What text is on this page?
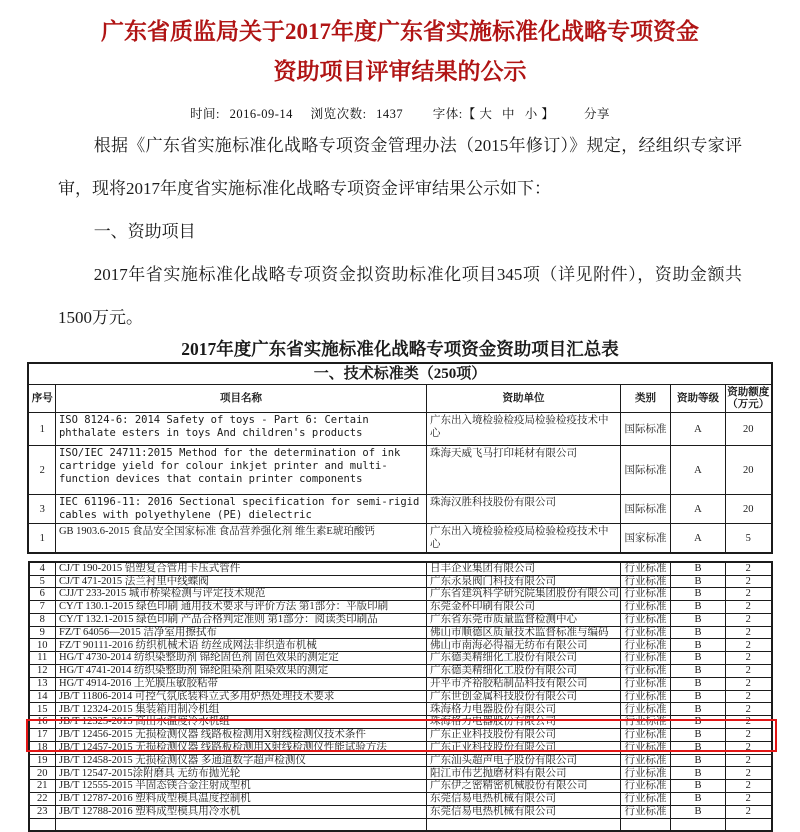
广东省质监局关于2017年度广东省实施标准化战略专项资金
资助项目评审结果的公示
时间: 2016-09-14 浏览次数: 1437 字体:【 大 中 小 】 分享

根据《广东省实施标准化战略专项资金管理办法（2015年修订）》规定，经组织专家评审，现将2017年度省实施标准化战略专项资金评审结果公示如下：

一、资助项目

2017年省实施标准化战略专项资金拟资助标准化项目345项（详见附件），资助金额共1500万元。

2017年度广东省实施标准化战略专项资金资助项目汇总表
一、技术标准类（250项）					
序号	项目名称	资助单位	类别	资助等级	资助额度（万元）
1	ISO 8124-6: 2014 Safety of toys - Part 6: Certain phthalate esters in toys And children's products	广东出入境检验检疫局检验检疫技术中心	国际标准	A	20
2	ISO/IEC 24711:2015 Method for the determination of ink cartridge yield for colour inkjet printer and multi-function devices that contain printer components	珠海天威飞马打印耗材有限公司	国际标准	A	20
3	IEC 61196-11: 2016 Sectional specification for semi-rigid cables with polyethylene (PE) dielectric	珠海汉胜科技股份有限公司	国际标准	A	20
1	GB 1903.6-2015 食品安全国家标准 食品营养强化剂 维生素E琥珀酸钙	广东出入境检验检疫局检验检疫技术中心	国家标准	A	5
4	CJ/T 190-2015 铝塑复合管用卡压式管件	日丰企业集团有限公司	行业标准	B	2
5	CJ/T 471-2015 法兰衬里中线蝶阀	广东永泉阀门科技有限公司	行业标准	B	2
6	CJJ/T 233-2015 城市桥梁检测与评定技术规范	广东省建筑科学研究院集团股份有限公司	行业标准	B	2
7	CY/T 130.1-2015 绿色印刷 通用技术要求与评价方法 第1部分：平版印刷	东莞金杯印刷有限公司	行业标准	B	2
8	CY/T 132.1-2015 绿色印刷 产品合格判定准则 第1部分：阅读类印刷品	广东省东莞市质量监督检测中心	行业标准	B	2
9	FZ/T 64056—2015 洁净室用擦拭布	佛山市顺德区质量技术监督标准与编码	行业标准	B	2
10	FZ/T 90111-2016 纺织机械术语 纺丝成网法非织造布机械	佛山市南海必得福无纺布有限公司	行业标准	B	2
11	HG/T 4730-2014 纺织染整助剂 锦纶固色剂 固色效果的测定定	广东德美精细化工股份有限公司	行业标准	B	2
12	HG/T 4741-2014 纺织染整助剂 锦纶阻染剂 阻染效果的测定	广东德美精细化工股份有限公司	行业标准	B	2
13	HG/T 4914-2016 上光膜压敏胶粘带	开平市齐裕胶粘制品科技有限公司	行业标准	B	2
14	JB/T 11806-2014 可控气氛底装料立式多用炉热处理技术要求	广东世创金属科技股份有限公司	行业标准	B	2
15	JB/T 12324-2015 集装箱用制冷机组	珠海格力电器股份有限公司	行业标准	B	2
16	JB/T 12325-2015 高出水温度冷水机组	珠海格力电器股份有限公司	行业标准	B	2
17	JB/T 12456-2015 无损检测仪器 线路板检测用X射线检测仪技术条件	广东正业科技股份有限公司	行业标准	B	2
18	JB/T 12457-2015 无损检测仪器 线路板检测用X射线检测仪性能试验方法	广东正业科技股份有限公司	行业标准	B	2
19	JB/T 12458-2015 无损检测仪器 多通道数字超声检测仪	广东汕头超声电子股份有限公司	行业标准	B	2
20	JB/T 12547-2015涂附磨具 无纺布抛光轮	阳江市伟艺抛磨材料有限公司	行业标准	B	2
21	JB/T 12555-2015 半固态镁合金注射成型机	广东伊之密精密机械股份有限公司	行业标准	B	2
22	JB/T 12787-2016 塑料成型模具温度控制机	东莞信易电热机械有限公司	行业标准	B	2
23	JB/T 12788-2016 塑料成型模具用冷水机	东莞信易电热机械有限公司	行业标准	B	2
